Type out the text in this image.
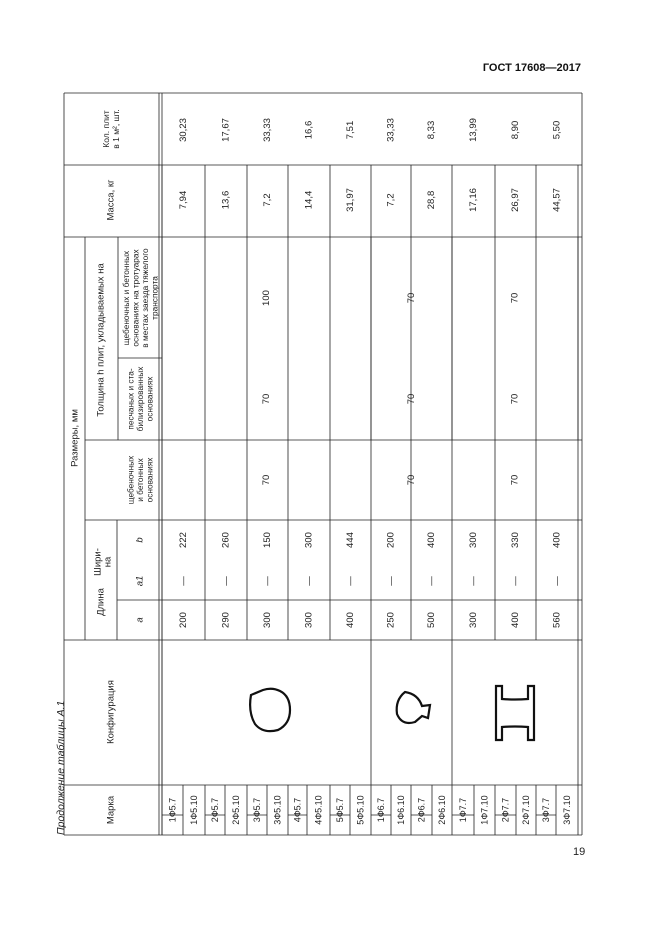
ГОСТ 17608—2017
Продолжение таблицы А.1
19
Марка
Конфигурация
Размеры, мм
Длина
Шири- на
a
a1
b
Толщина h плит, укладываемых на
щебеночных и бетонных основаниях
песчаных и ста- билизированных основаниях
щебеночных и бетонных основаниях на тротуарах в местах заезда тяжелого транспорта
Масса, кг
Кол. плит в 1 м², шт.
1Ф5.7 1Ф5.10 2Ф5.7 2Ф5.10 3Ф5.7 3Ф5.10 4Ф5.7 4Ф5.10 5Ф5.7 5Ф5.10 1Ф6.7 1Ф6.10 2Ф6.7 2Ф6.10 1Ф7.7 1Ф7.10 2Ф7.7 2Ф7.10 3Ф7.7 3Ф7.10
200
—
222
7,94
30,23
290
—
260
13,6
17,67
300
—
150
7,2
33,33
300
—
300
14,4
16,6
400
—
444
31,97
7,51
250
—
200
7,2
33,33
500
—
400
28,8
8,33
300
—
300
17,16
13,99
400
—
330
26,97
8,90
560
—
400
44,57
5,50
70
70
100
70
70
70
70
70
70
